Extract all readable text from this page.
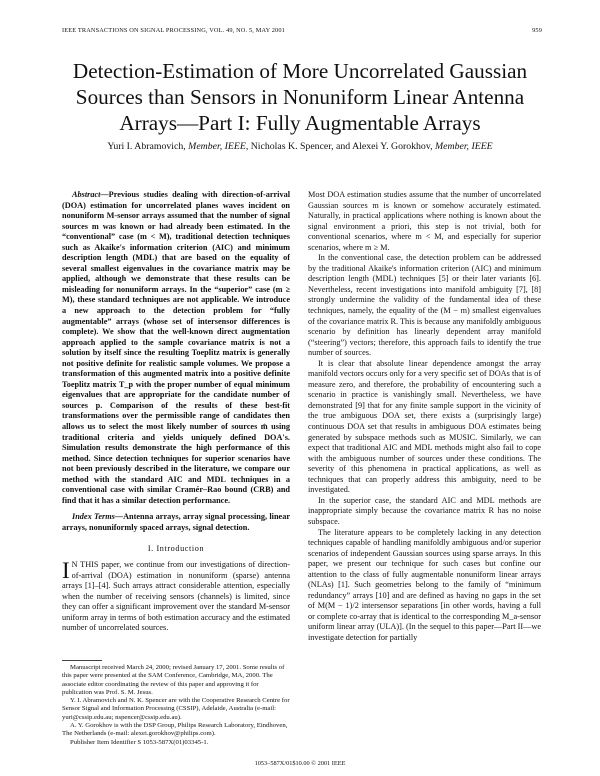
IEEE TRANSACTIONS ON SIGNAL PROCESSING, VOL. 49, NO. 5, MAY 2001	959
Detection-Estimation of More Uncorrelated Gaussian
Sources than Sensors in Nonuniform Linear Antenna
Arrays—Part I: Fully Augmentable Arrays
Yuri I. Abramovich, Member, IEEE, Nicholas K. Spencer, and Alexei Y. Gorokhov, Member, IEEE

Abstract—Previous studies dealing with direction-of-arrival (DOA) estimation for uncorrelated planes waves incident on nonuniform M-sensor arrays assumed that the number of signal sources m was known or had already been estimated. In the “conventional” case (m < M), traditional detection techniques such as Akaike's information criterion (AIC) and minimum description length (MDL) that are based on the equality of several smallest eigenvalues in the covariance matrix may be applied, although we demonstrate that these results can be misleading for nonuniform arrays. In the “superior” case (m ≥ M), these standard techniques are not applicable. We introduce a new approach to the detection problem for “fully augmentable” arrays (whose set of intersensor differences is complete). We show that the well-known direct augmentation approach applied to the sample covariance matrix is not a solution by itself since the resulting Toeplitz matrix is generally not positive definite for realistic sample volumes. We propose a transformation of this augmented matrix into a positive definite Toeplitz matrix T_p with the proper number of equal minimum eigenvalues that are appropriate for the candidate number of sources p. Comparison of the results of these best-fit transformations over the permissible range of candidates then allows us to select the most likely number of sources m̂ using traditional criteria and yields uniquely defined DOA's. Simulation results demonstrate the high performance of this method. Since detection techniques for superior scenarios have not been previously described in the literature, we compare our method with the standard AIC and MDL techniques in a conventional case with similar Cramér–Rao bound (CRB) and find that it has a similar detection performance.

Index Terms—Antenna arrays, array signal processing, linear arrays, nonuniformly spaced arrays, signal detection.

I. Introduction

I N THIS paper, we continue from our investigations of direction-of-arrival (DOA) estimation in nonuniform (sparse) antenna arrays [1]–[4]. Such arrays attract considerable attention, especially when the number of receiving sensors (channels) is limited, since they can offer a significant improvement over the standard M-sensor uniform array in terms of both estimation accuracy and the estimated number of uncorrelated sources.

Manuscript received March 24, 2000; revised January 17, 2001. Some results of this paper were presented at the SAM Conference, Cambridge, MA, 2000. The associate editor coordinating the review of this paper and approving it for publication was Prof. S. M. Jesus.

Y. I. Abramovich and N. K. Spencer are with the Cooperative Research Centre for Sensor Signal and Information Processing (CSSIP), Adelaide, Australia (e-mail: yuri@cssip.edu.au; nspencer@cssip.edu.au).

A. Y. Gorokhov is with the DSP Group, Philips Research Laboratory, Eindhoven, The Netherlands (e-mail: alexei.gorokhov@philips.com).

Publisher Item Identifier S 1053-587X(01)03345-1.

Most DOA estimation studies assume that the number of uncorrelated Gaussian sources m is known or somehow accurately estimated. Naturally, in practical applications where nothing is known about the signal environment a priori, this step is not trivial, both for conventional scenarios, where m < M, and especially for superior scenarios, where m ≥ M.

In the conventional case, the detection problem can be addressed by the traditional Akaike's information criterion (AIC) and minimum description length (MDL) techniques [5] or their later variants [6]. Nevertheless, recent investigations into manifold ambiguity [7], [8] strongly undermine the validity of the fundamental idea of these techniques, namely, the equality of the (M − m) smallest eigenvalues of the covariance matrix R. This is because any manifoldly ambiguous scenario by definition has linearly dependent array manifold (“steering”) vectors; therefore, this approach fails to identify the true number of sources.

It is clear that absolute linear dependence amongst the array manifold vectors occurs only for a very specific set of DOAs that is of measure zero, and therefore, the probability of encountering such a scenario in practice is vanishingly small. Nevertheless, we have demonstrated [9] that for any finite sample support in the vicinity of the true ambiguous DOA set, there exists a (surprisingly large) continuous DOA set that results in ambiguous DOA estimates being generated by subspace methods such as MUSIC. Similarly, we can expect that traditional AIC and MDL methods might also fail to cope with the ambiguous number of sources under these conditions. The severity of this phenomena in practical applications, as well as techniques that can properly address this ambiguity, need to be investigated.

In the superior case, the standard AIC and MDL methods are inappropriate simply because the covariance matrix R has no noise subspace.

The literature appears to be completely lacking in any detection techniques capable of handling manifoldly ambiguous and/or superior scenarios of independent Gaussian sources using sparse arrays. In this paper, we present our technique for such cases but confine our attention to the class of fully augmentable nonuniform linear arrays (NLAs) [1]. Such geometries belong to the family of “minimum redundancy” arrays [10] and are defined as having no gaps in the set of M(M − 1)/2 intersensor separations [in other words, having a full or complete co-array that is identical to the corresponding M_a-sensor uniform linear array (ULA)]. (In the sequel to this paper—Part II—we investigate detection for partially

1053–587X/01$10.00 © 2001 IEEE
